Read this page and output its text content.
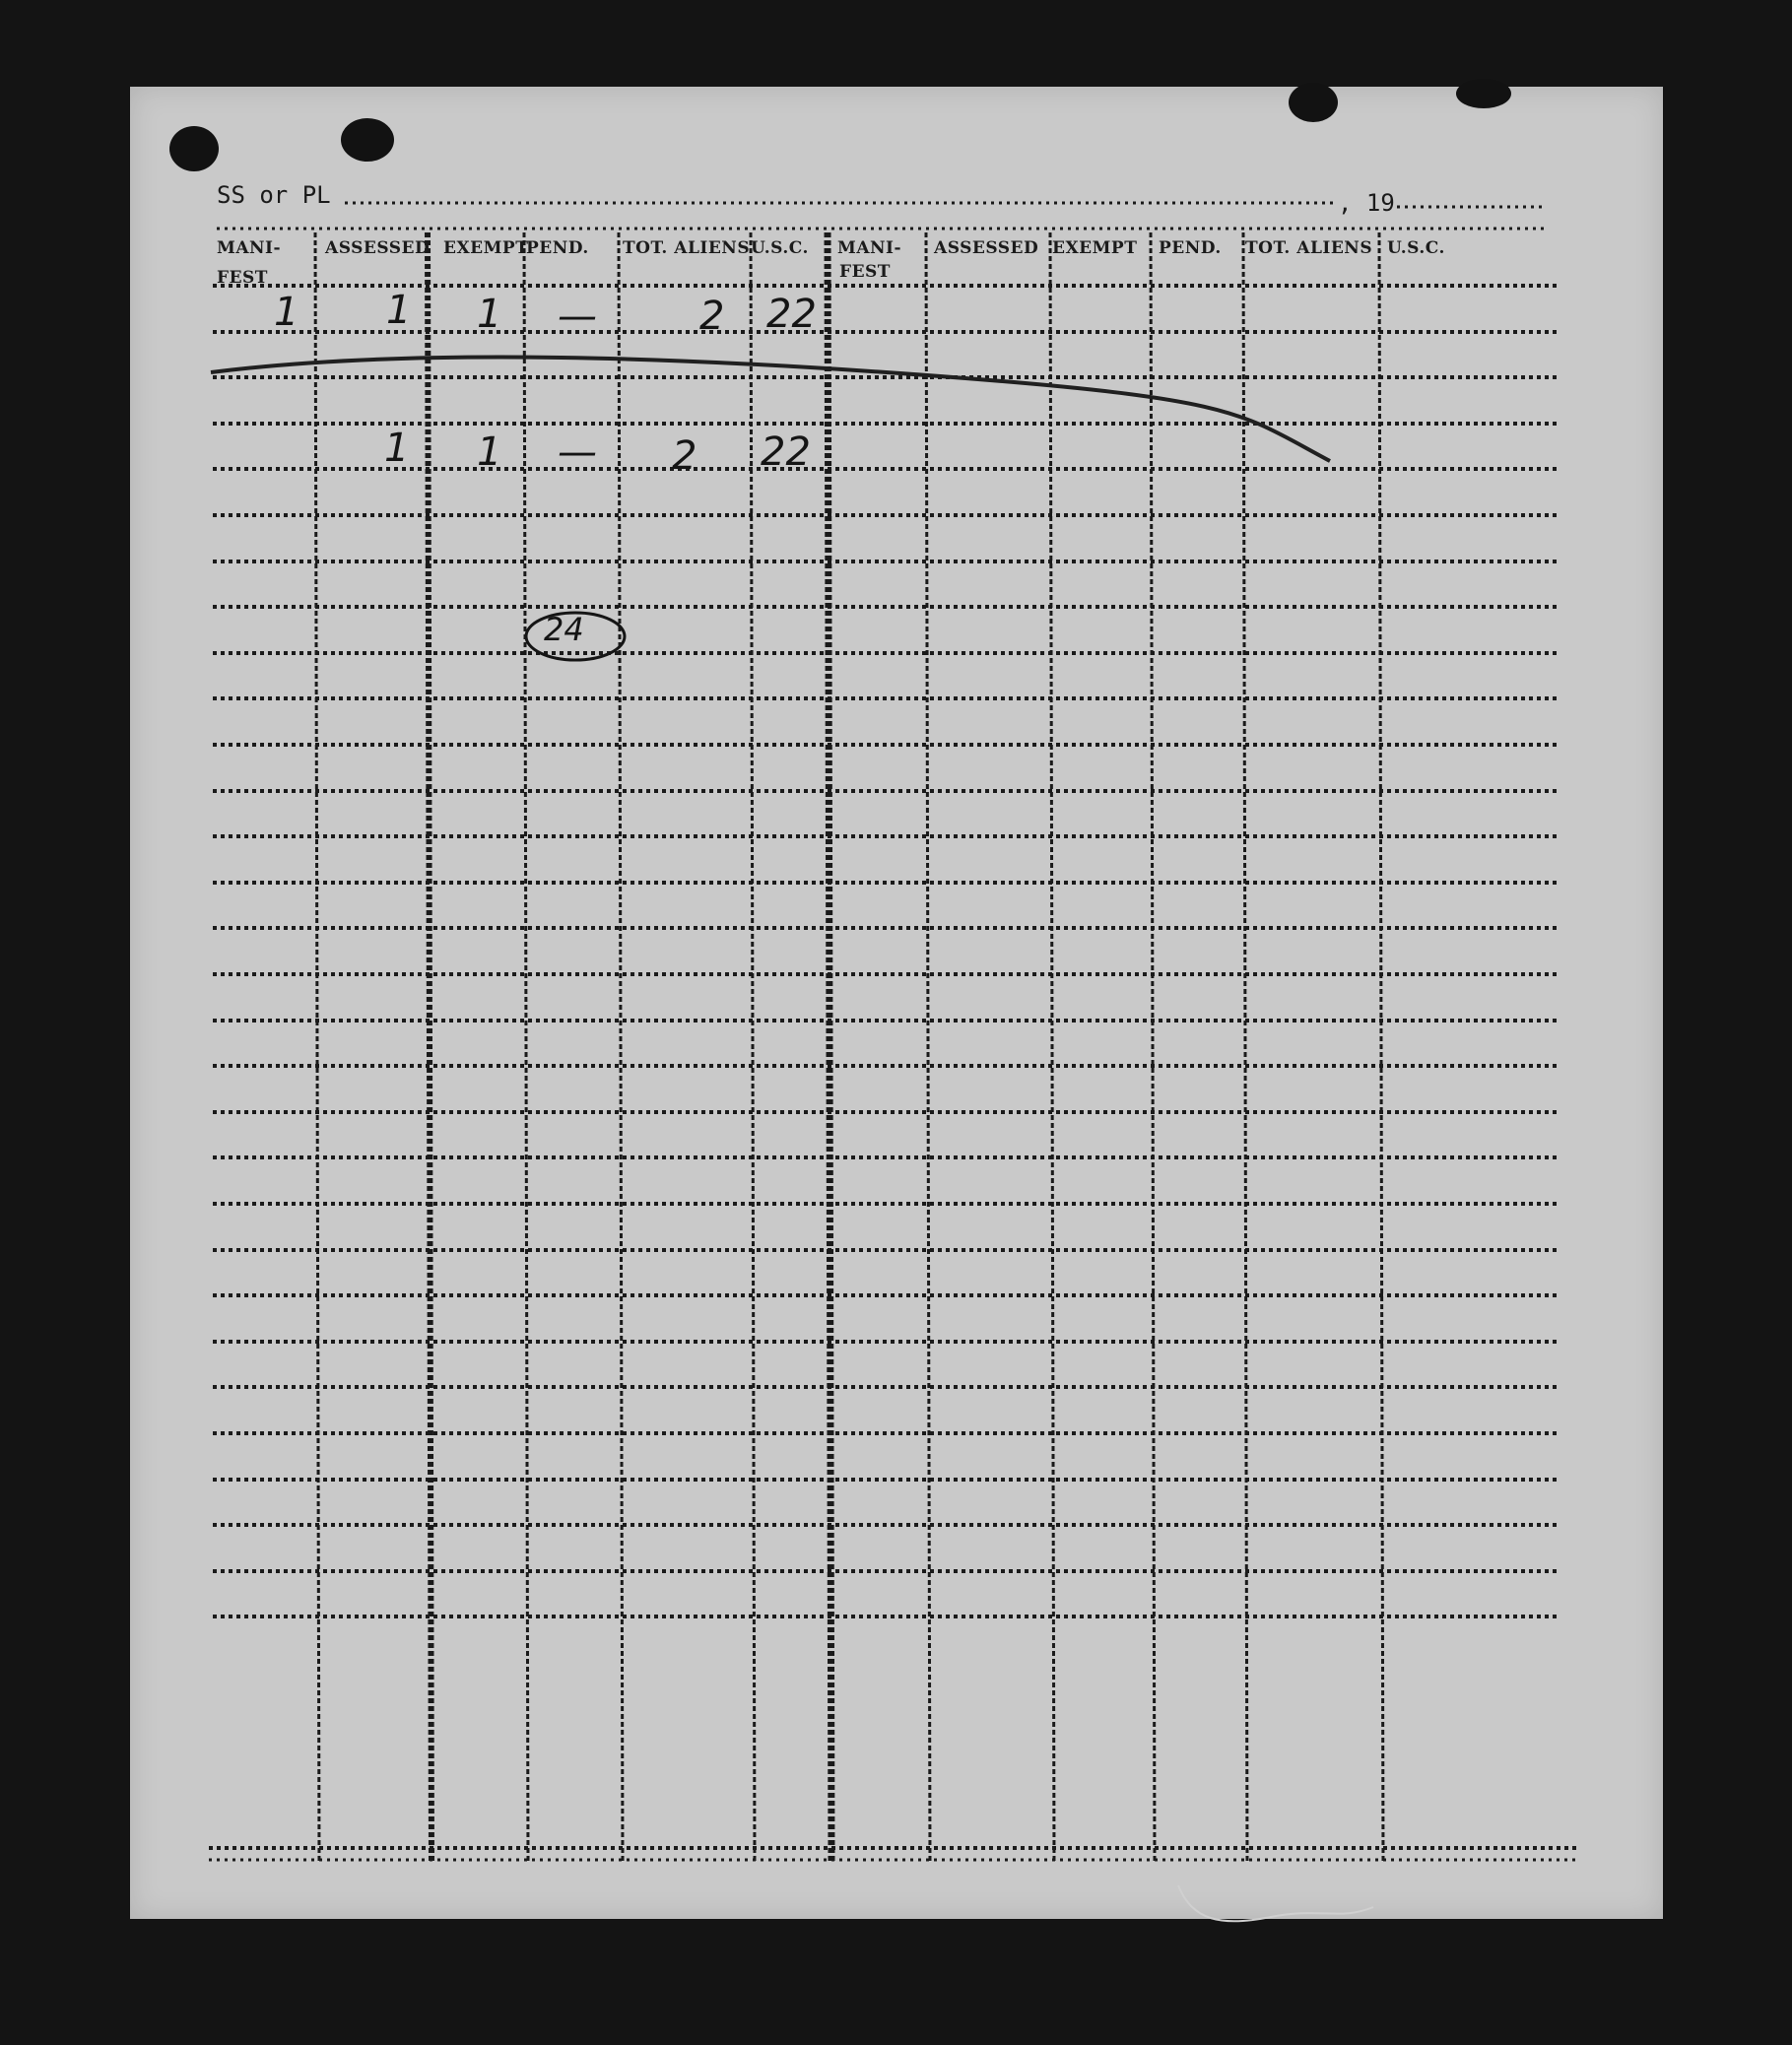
SS or PL	, 19
MANI-
FEST
ASSESSED EXEMPT
PEND. TOT. ALIENS U.S.C. MANI-
FEST
ASSESSED EXEMPT PEND. TOT. ALIENS U.S.C.
1 1 1 —	2 22
1 1 — 2 22
24
